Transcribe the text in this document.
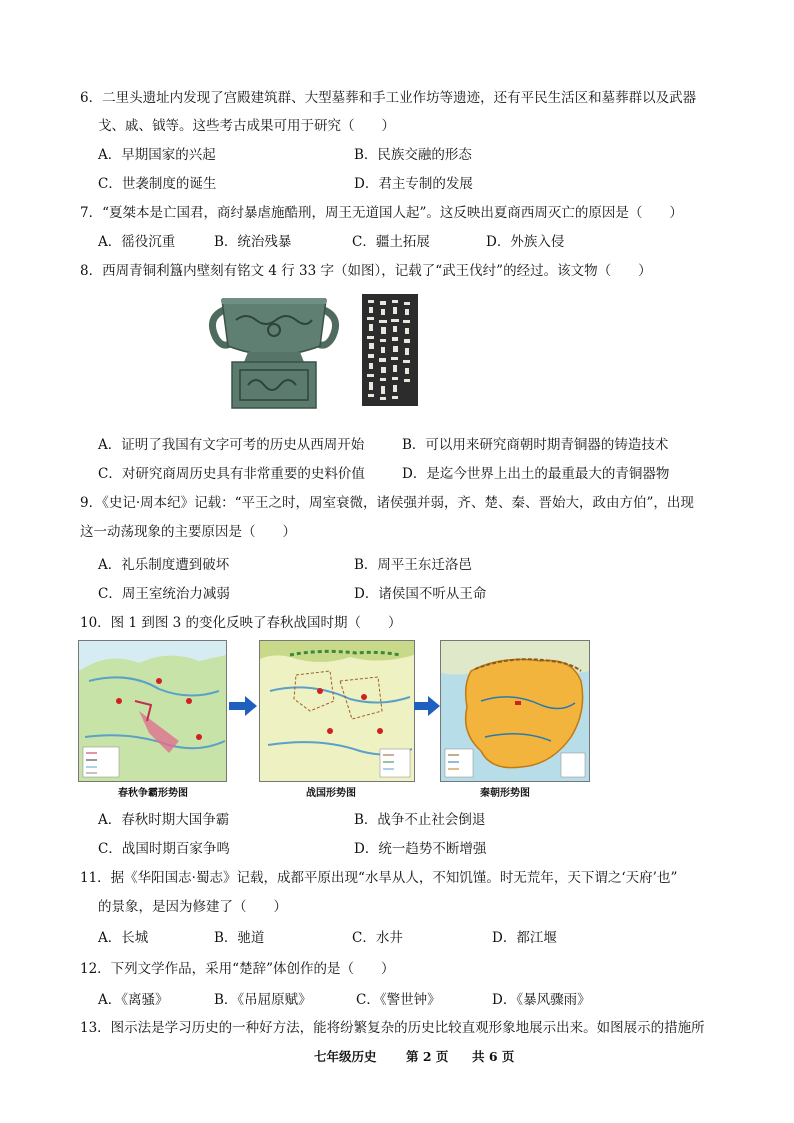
6．二里头遗址内发现了宫殿建筑群、大型墓葬和手工业作坊等遗迹，还有平民生活区和墓葬群以及武器
戈、戚、钺等。这些考古成果可用于研究（　　）
A．早期国家的兴起	B．民族交融的形态
C．世袭制度的诞生	D．君主专制的发展
7．“夏桀本是亡国君，商纣暴虐施酷刑，周王无道国人起”。这反映出夏商西周灭亡的原因是（　　）
A．徭役沉重	B．统治残暴	C．疆土拓展	D．外族入侵
8．西周青铜利簋内壁刻有铭文 4 行 33 字（如图），记载了“武王伐纣”的经过。该文物（　　）
A．证明了我国有文字可考的历史从西周开始	B．可以用来研究商朝时期青铜器的铸造技术
C．对研究商周历史具有非常重要的史料价值	D．是迄今世界上出土的最重最大的青铜器物
9．《史记·周本纪》记载：“平王之时，周室衰微，诸侯强并弱，齐、楚、秦、晋始大，政由方伯”，出现
这一动荡现象的主要原因是（　　）
A．礼乐制度遭到破坏	B．周平王东迁洛邑
C．周王室统治力减弱	D．诸侯国不听从王命
10．图 1 到图 3 的变化反映了春秋战国时期（　　）
春秋争霸形势图	战国形势图	秦朝形势图
A．春秋时期大国争霸	B．战争不止社会倒退
C．战国时期百家争鸣	D．统一趋势不断增强
11．据《华阳国志·蜀志》记载，成都平原出现“水旱从人，不知饥馑。时无荒年，天下谓之‘天府’也”
的景象，是因为修建了（　　）
A．长城	B．驰道	C．水井	D．都江堰
12．下列文学作品，采用“楚辞”体创作的是（　　）
A．《离骚》	B．《吊屈原赋》	C．《警世钟》	D．《暴风骤雨》
13．图示法是学习历史的一种好方法，能将纷繁复杂的历史比较直观形象地展示出来。如图展示的措施所
七年级历史 第 2 页 共 6 页
